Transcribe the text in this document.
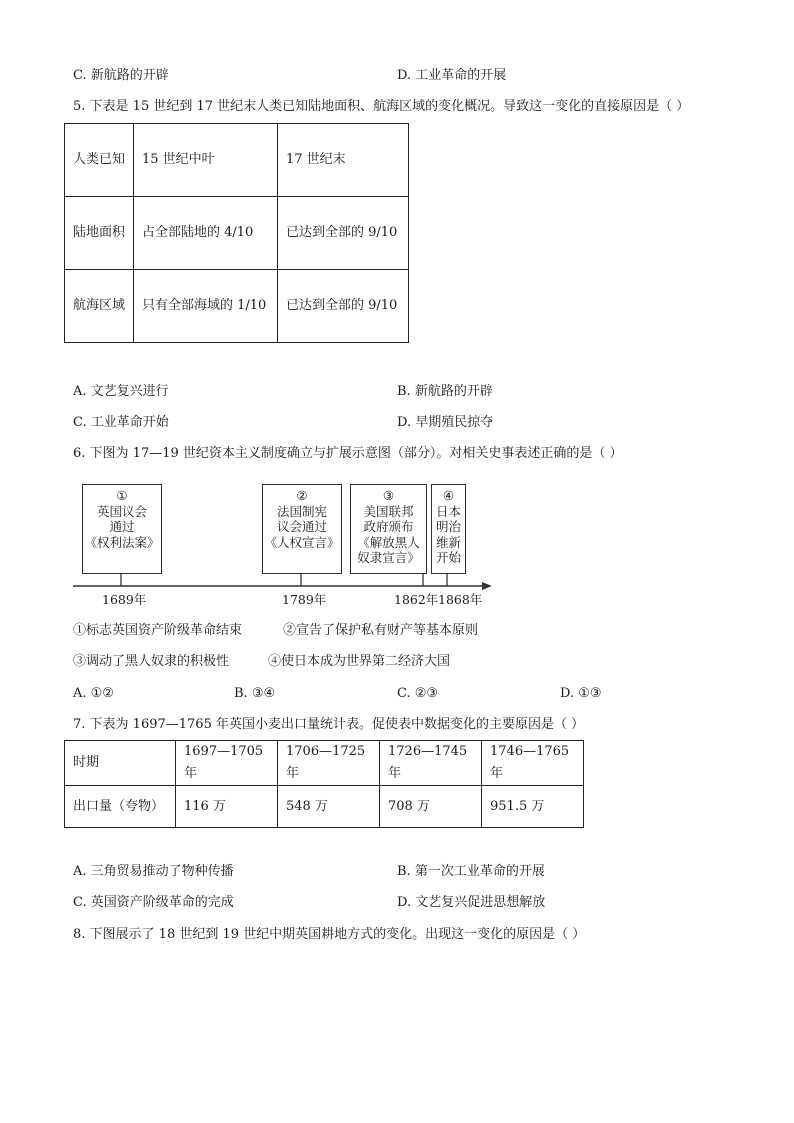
C. 新航路的开辟	D. 工业革命的开展
5. 下表是 15 世纪到 17 世纪末人类已知陆地面积、航海区域的变化概况。导致这一变化的直接原因是（ ）
人类已知	15 世纪中叶	17 世纪末
陆地面积	占全部陆地的 4/10	已达到全部的 9/10
航海区域	只有全部海域的 1/10	已达到全部的 9/10
A. 文艺复兴进行	B. 新航路的开辟
C. 工业革命开始	D. 早期殖民掠夺
6. 下图为 17—19 世纪资本主义制度确立与扩展示意图（部分）。对相关史事表述正确的是（ ）
①
英国议会
通过
《权利法案》
②
法国制宪
议会通过
《人权宣言》
③
美国联邦
政府颁布
《解放黑人
奴隶宣言》
④
日本
明治
维新
开始
1689年	1789年	1862年 1868年
①标志英国资产阶级革命结束	②宣告了保护私有财产等基本原则
③调动了黑人奴隶的积极性	④使日本成为世界第二经济大国
A. ①②	B. ③④	C. ②③	D. ①③
7. 下表为 1697—1765 年英国小麦出口量统计表。促使表中数据变化的主要原因是（ ）
时期	1697—1705 年	1706—1725 年	1726—1745 年	1746—1765 年
出口量（夸物）	116 万	548 万	708 万	951.5 万
A. 三角贸易推动了物种传播	B. 第一次工业革命的开展
C. 英国资产阶级革命的完成	D. 文艺复兴促进思想解放
8. 下图展示了 18 世纪到 19 世纪中期英国耕地方式的变化。出现这一变化的原因是（ ）
